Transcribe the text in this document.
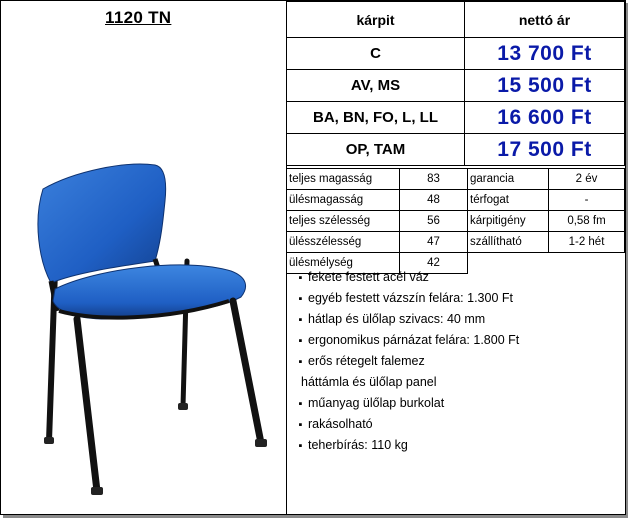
1120 TN	kárpit	nettó ár
C	13 700 Ft
AV, MS	15 500 Ft
BA, BN, FO, L, LL	16 600 Ft
OP, TAM	17 500 Ft
teljes magasság	83	garancia	2 év
ülésmagasság	48	térfogat	-
teljes szélesség	56	kárpitigény	0,58 fm
ülésszélesség	47	szállítható	1-2 hét
ülésmélység	42		
▪ fekete festett acél váz
▪ egyéb festett vázszín felára: 1.300 Ft
▪ hátlap és ülőlap szivacs: 40 mm
▪ ergonomikus párnázat felára: 1.800 Ft
▪ erős rétegelt falemez
háttámla és ülőlap panel
▪ műanyag ülőlap burkolat
▪ rakásolható
▪ teherbírás: 110 kg
